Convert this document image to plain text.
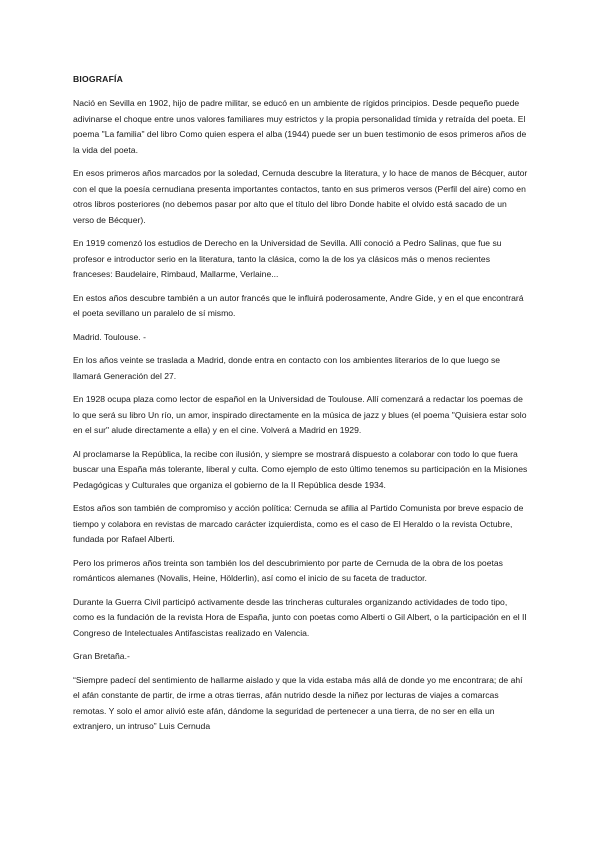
BIOGRAFÍA

Nació en Sevilla en 1902, hijo de padre militar, se educó en un ambiente de rígidos principios. Desde pequeño puede adivinarse el choque entre unos valores familiares muy estrictos y la propia personalidad tímida y retraída del poeta. El poema "La familia" del libro Como quien espera el alba (1944) puede ser un buen testimonio de esos primeros años de la vida del poeta.

En esos primeros años marcados por la soledad, Cernuda descubre la literatura, y lo hace de manos de Bécquer, autor con el que la poesía cernudiana presenta importantes contactos, tanto en sus primeros versos (Perfil del aire) como en otros libros posteriores (no debemos pasar por alto que el título del libro Donde habite el olvido está sacado de un verso de Bécquer).

En 1919 comenzó los estudios de Derecho en la Universidad de Sevilla. Allí conoció a Pedro Salinas, que fue su profesor e introductor serio en la literatura, tanto la clásica, como la de los ya clásicos más o menos recientes franceses: Baudelaire, Rimbaud, Mallarme, Verlaine...

En estos años descubre también a un autor francés que le influirá poderosamente, Andre Gide, y en el que encontrará el poeta sevillano un paralelo de sí mismo.

Madrid. Toulouse. -

En los años veinte se traslada a Madrid, donde entra en contacto con los ambientes literarios de lo que luego se llamará Generación del 27.

En 1928 ocupa plaza como lector de español en la Universidad de Toulouse. Allí comenzará a redactar los poemas de lo que será su libro Un río, un amor, inspirado directamente en la música de jazz y blues (el poema "Quisiera estar solo en el sur" alude directamente a ella) y en el cine. Volverá a Madrid en 1929.

Al proclamarse la República, la recibe con ilusión, y siempre se mostrará dispuesto a colaborar con todo lo que fuera buscar una España más tolerante, liberal y culta. Como ejemplo de esto último tenemos su participación en la Misiones Pedagógicas y Culturales que organiza el gobierno de la II República desde 1934.

Estos años son también de compromiso y acción política: Cernuda se afilia al Partido Comunista por breve espacio de tiempo y colabora en revistas de marcado carácter izquierdista, como es el caso de El Heraldo o la revista Octubre, fundada por Rafael Alberti.

Pero los primeros años treinta son también los del descubrimiento por parte de Cernuda de la obra de los poetas románticos alemanes (Novalis, Heine, Hölderlin), así como el inicio de su faceta de traductor.

Durante la Guerra Civil participó activamente desde las trincheras culturales organizando actividades de todo tipo, como es la fundación de la revista Hora de España, junto con poetas como Alberti o Gil Albert, o la participación en el II Congreso de Intelectuales Antifascistas realizado en Valencia.

Gran Bretaña.-

“Siempre padecí del sentimiento de hallarme aislado y que la vida estaba más allá de donde yo me encontrara; de ahí el afán constante de partir, de irme a otras tierras, afán nutrido desde la niñez por lecturas de viajes a comarcas remotas. Y solo el amor alivió este afán, dándome la seguridad de pertenecer a una tierra, de no ser en ella un extranjero, un intruso” Luis Cernuda
